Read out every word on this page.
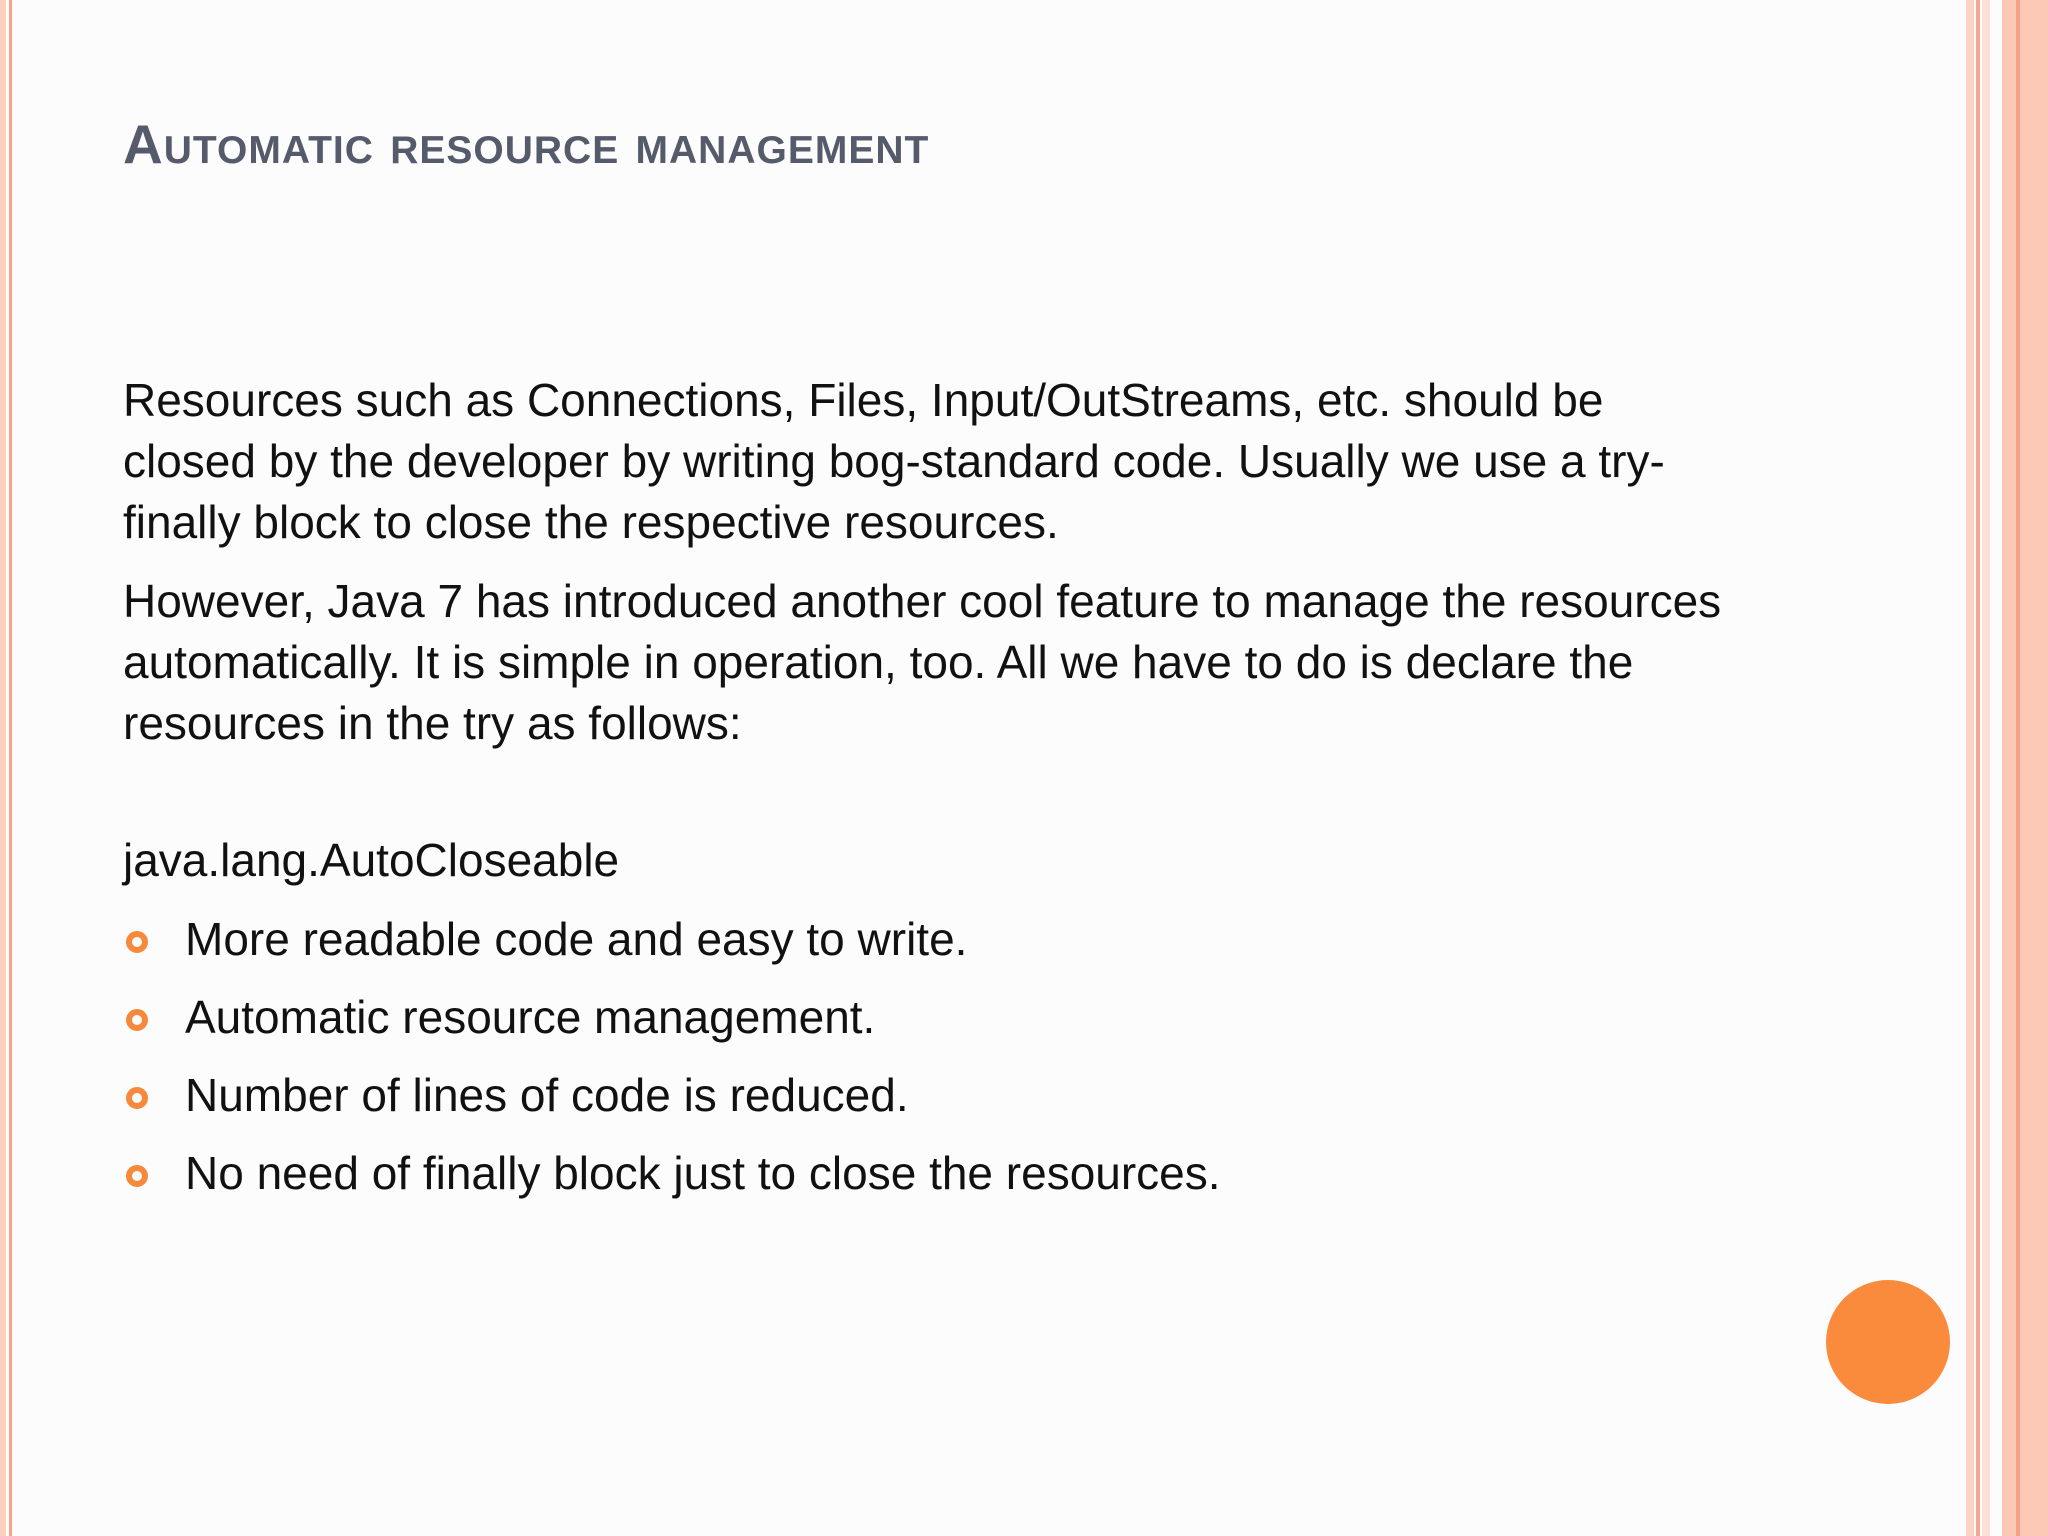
Automatic resource management

Resources such as Connections, Files, Input/OutStreams, etc. should be closed by the developer by writing bog-standard code. Usually we use a try-finally block to close the respective resources.

However, Java 7 has introduced another cool feature to manage the resources automatically. It is simple in operation, too. All we have to do is declare the resources in the try as follows:

java.lang.AutoCloseable
More readable code and easy to write.
Automatic resource management.
Number of lines of code is reduced.
No need of finally block just to close the resources.
